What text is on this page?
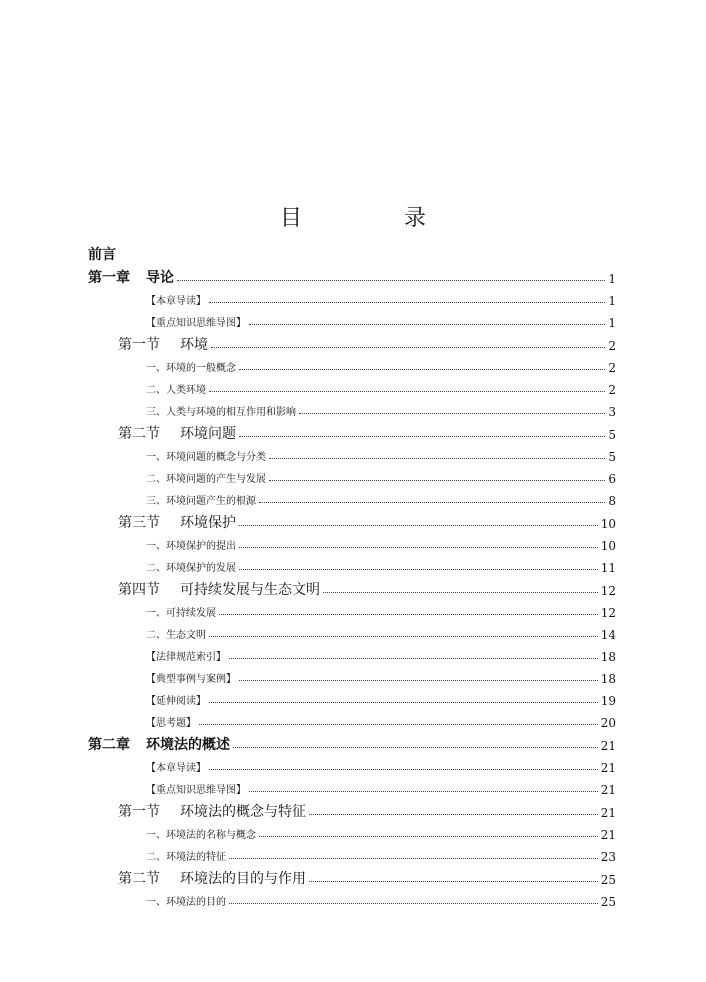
目　录
前言
第一章 导论	1
【本章导读】	1
【重点知识思维导图】	1
第一节 环境	2
一、环境的一般概念	2
二、人类环境	2
三、人类与环境的相互作用和影响	3
第二节 环境问题	5
一、环境问题的概念与分类	5
二、环境问题的产生与发展	6
三、环境问题产生的根源	8
第三节 环境保护	10
一、环境保护的提出	10
二、环境保护的发展	11
第四节 可持续发展与生态文明	12
一、可持续发展	12
二、生态文明	14
【法律规范索引】	18
【典型事例与案例】	18
【延伸阅读】	19
【思考题】	20
第二章 环境法的概述	21
【本章导读】	21
【重点知识思维导图】	21
第一节 环境法的概念与特征	21
一、环境法的名称与概念	21
二、环境法的特征	23
第二节 环境法的目的与作用	25
一、环境法的目的	25
